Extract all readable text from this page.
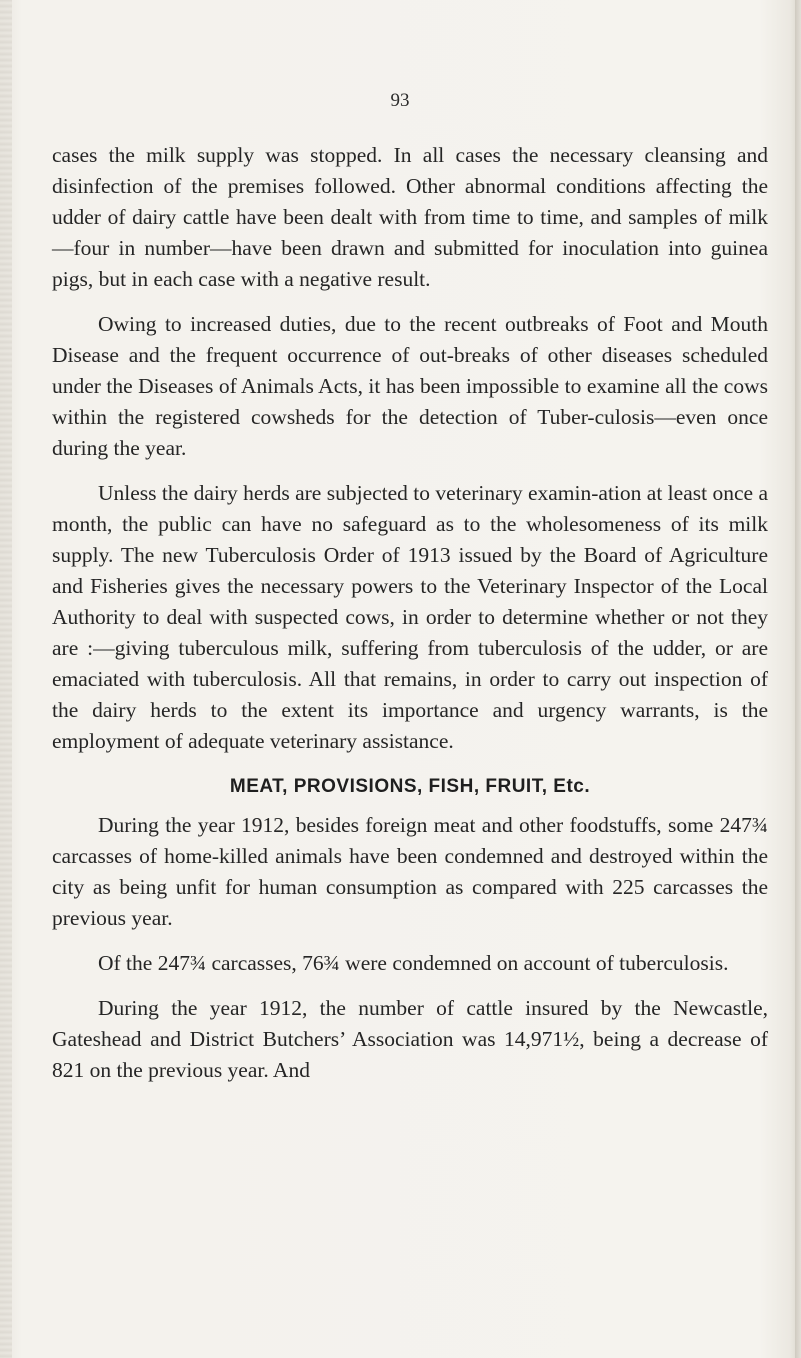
93

cases the milk supply was stopped. In all cases the necessary cleansing and disinfection of the premises followed. Other abnormal conditions affecting the udder of dairy cattle have been dealt with from time to time, and samples of milk—four in number—have been drawn and submitted for inoculation into guinea pigs, but in each case with a negative result.

Owing to increased duties, due to the recent outbreaks of Foot and Mouth Disease and the frequent occurrence of out-breaks of other diseases scheduled under the Diseases of Animals Acts, it has been impossible to examine all the cows within the registered cowsheds for the detection of Tuber-culosis—even once during the year.

Unless the dairy herds are subjected to veterinary examin-ation at least once a month, the public can have no safeguard as to the wholesomeness of its milk supply. The new Tuberculosis Order of 1913 issued by the Board of Agriculture and Fisheries gives the necessary powers to the Veterinary Inspector of the Local Authority to deal with suspected cows, in order to determine whether or not they are :—giving tuberculous milk, suffering from tuberculosis of the udder, or are emaciated with tuberculosis. All that remains, in order to carry out inspection of the dairy herds to the extent its importance and urgency warrants, is the employment of adequate veterinary assistance.

MEAT, PROVISIONS, FISH, FRUIT, Etc.

During the year 1912, besides foreign meat and other foodstuffs, some 247¾ carcasses of home-killed animals have been condemned and destroyed within the city as being unfit for human consumption as compared with 225 carcasses the previous year.

Of the 247¾ carcasses, 76¾ were condemned on account of tuberculosis.

During the year 1912, the number of cattle insured by the Newcastle, Gateshead and District Butchers’ Association was 14,971½, being a decrease of 821 on the previous year. And
